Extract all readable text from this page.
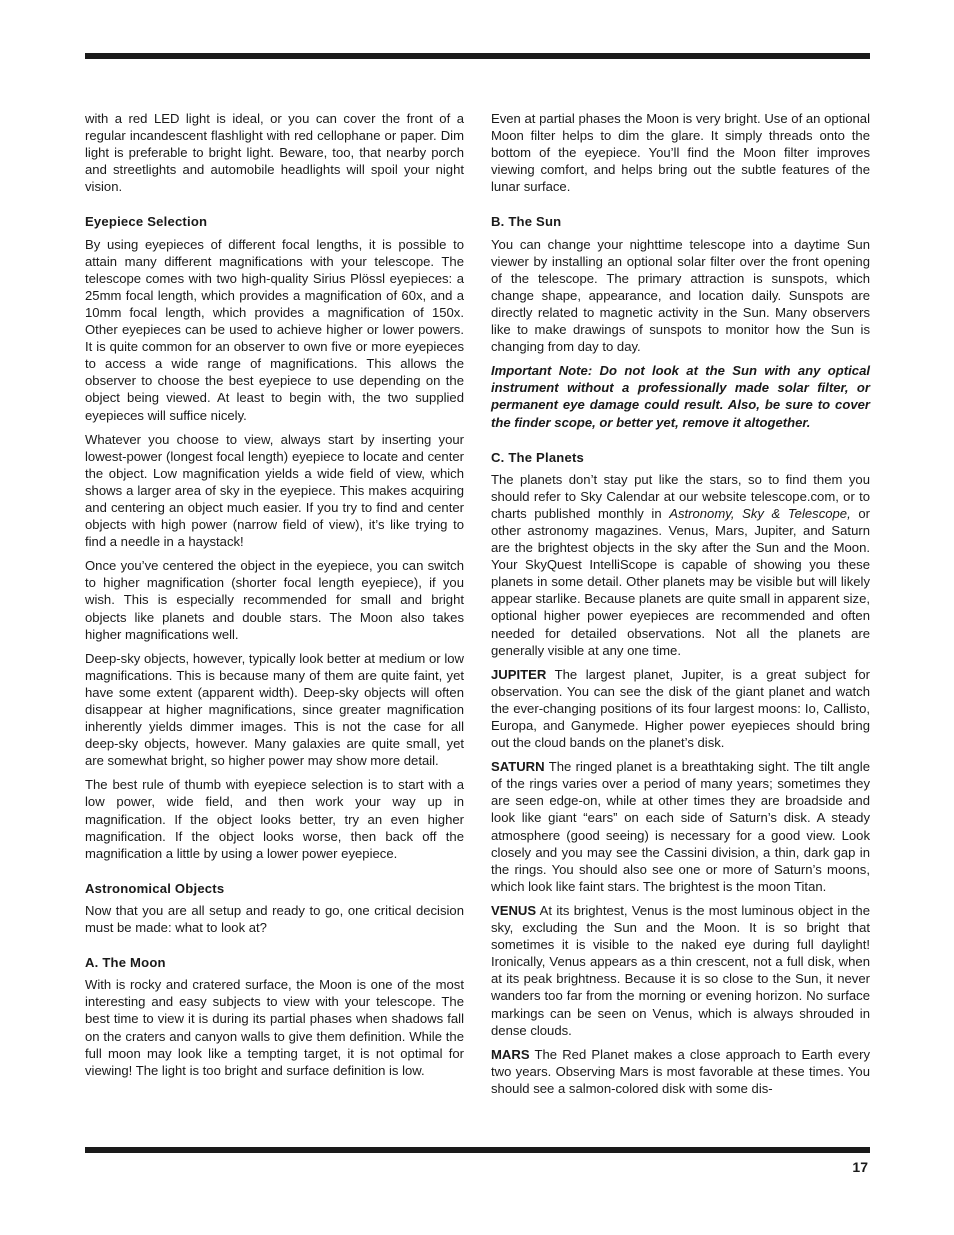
with a red LED light is ideal, or you can cover the front of a regular incandescent flashlight with red cellophane or paper. Dim light is preferable to bright light. Beware, too, that nearby porch and streetlights and automobile headlights will spoil your night vision.

Eyepiece Selection

By using eyepieces of different focal lengths, it is possible to attain many different magnifications with your telescope. The telescope comes with two high-quality Sirius Plössl eyepieces: a 25mm focal length, which provides a magnification of 60x, and a 10mm focal length, which provides a magnification of 150x. Other eyepieces can be used to achieve higher or lower powers. It is quite common for an observer to own five or more eyepieces to access a wide range of magnifications. This allows the observer to choose the best eyepiece to use depending on the object being viewed. At least to begin with, the two supplied eyepieces will suffice nicely.

Whatever you choose to view, always start by inserting your lowest-power (longest focal length) eyepiece to locate and center the object. Low magnification yields a wide field of view, which shows a larger area of sky in the eyepiece. This makes acquiring and centering an object much easier. If you try to find and center objects with high power (narrow field of view), it’s like trying to find a needle in a haystack!

Once you’ve centered the object in the eyepiece, you can switch to higher magnification (shorter focal length eyepiece), if you wish. This is especially recommended for small and bright objects like planets and double stars. The Moon also takes higher magnifications well.

Deep-sky objects, however, typically look better at medium or low magnifications. This is because many of them are quite faint, yet have some extent (apparent width). Deep-sky objects will often disappear at higher magnifications, since greater magnification inherently yields dimmer images. This is not the case for all deep-sky objects, however. Many galaxies are quite small, yet are somewhat bright, so higher power may show more detail.

The best rule of thumb with eyepiece selection is to start with a low power, wide field, and then work your way up in magnification. If the object looks better, try an even higher magnification. If the object looks worse, then back off the magnification a little by using a lower power eyepiece.

Astronomical Objects

Now that you are all setup and ready to go, one critical decision must be made: what to look at?

A. The Moon

With is rocky and cratered surface, the Moon is one of the most interesting and easy subjects to view with your telescope. The best time to view it is during its partial phases when shadows fall on the craters and canyon walls to give them definition. While the full moon may look like a tempting target, it is not optimal for viewing! The light is too bright and surface definition is low.

Even at partial phases the Moon is very bright. Use of an optional Moon filter helps to dim the glare. It simply threads onto the bottom of the eyepiece. You’ll find the Moon filter improves viewing comfort, and helps bring out the subtle features of the lunar surface.

B. The Sun

You can change your nighttime telescope into a daytime Sun viewer by installing an optional solar filter over the front opening of the telescope. The primary attraction is sunspots, which change shape, appearance, and location daily. Sunspots are directly related to magnetic activity in the Sun. Many observers like to make drawings of sunspots to monitor how the Sun is changing from day to day.

Important Note: Do not look at the Sun with any optical instrument without a professionally made solar filter, or permanent eye damage could result. Also, be sure to cover the finder scope, or better yet, remove it altogether.

C. The Planets

The planets don’t stay put like the stars, so to find them you should refer to Sky Calendar at our website telescope.com, or to charts published monthly in Astronomy, Sky & Telescope, or other astronomy magazines. Venus, Mars, Jupiter, and Saturn are the brightest objects in the sky after the Sun and the Moon. Your SkyQuest IntelliScope is capable of showing you these planets in some detail. Other planets may be visible but will likely appear starlike. Because planets are quite small in apparent size, optional higher power eyepieces are recommended and often needed for detailed observations. Not all the planets are generally visible at any one time.

JUPITER The largest planet, Jupiter, is a great subject for observation. You can see the disk of the giant planet and watch the ever-changing positions of its four largest moons: Io, Callisto, Europa, and Ganymede. Higher power eyepieces should bring out the cloud bands on the planet’s disk.

SATURN The ringed planet is a breathtaking sight. The tilt angle of the rings varies over a period of many years; sometimes they are seen edge-on, while at other times they are broadside and look like giant “ears” on each side of Saturn’s disk. A steady atmosphere (good seeing) is necessary for a good view. Look closely and you may see the Cassini division, a thin, dark gap in the rings. You should also see one or more of Saturn’s moons, which look like faint stars. The brightest is the moon Titan.

VENUS At its brightest, Venus is the most luminous object in the sky, excluding the Sun and the Moon. It is so bright that sometimes it is visible to the naked eye during full daylight! Ironically, Venus appears as a thin crescent, not a full disk, when at its peak brightness. Because it is so close to the Sun, it never wanders too far from the morning or evening horizon. No surface markings can be seen on Venus, which is always shrouded in dense clouds.

MARS The Red Planet makes a close approach to Earth every two years. Observing Mars is most favorable at these times. You should see a salmon-colored disk with some dis-

17
